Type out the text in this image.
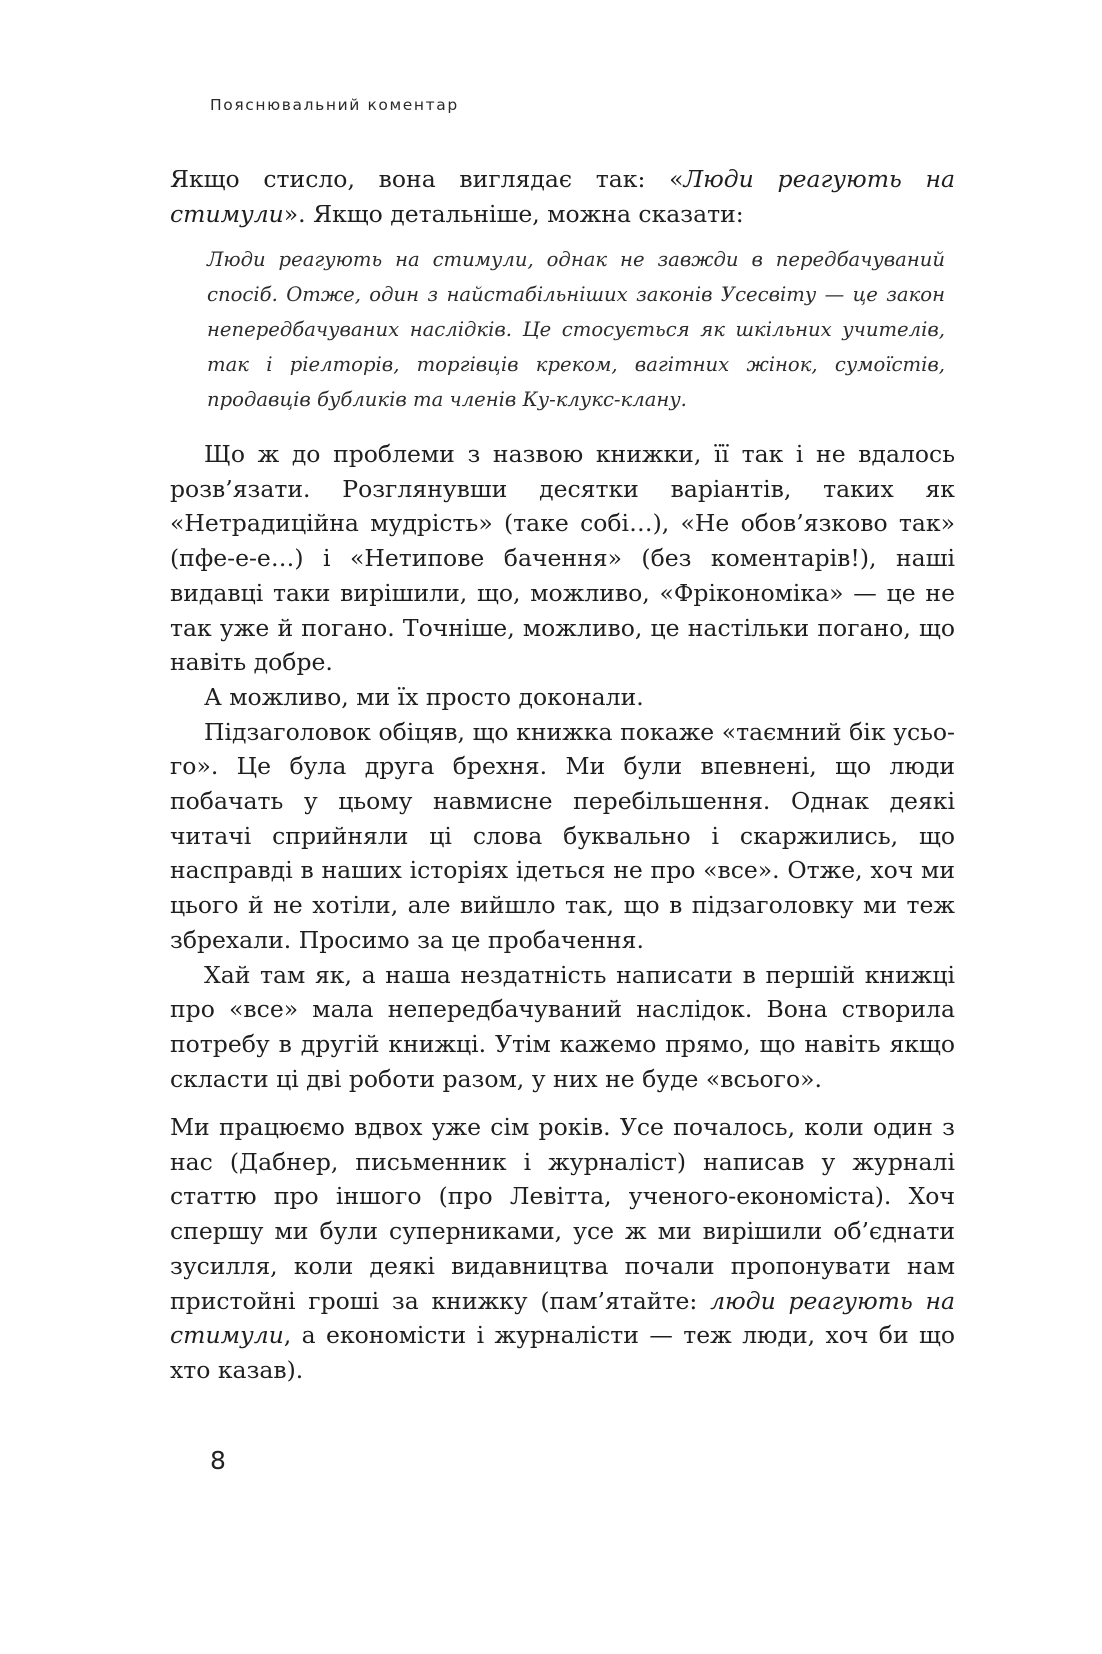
Пояснювальний коментар

Якщо стисло, вона виглядає так: «Люди реагують на стимули». Якщо детальніше, можна сказати:

Люди реагують на стимули, однак не завжди в передбачуваний спосіб. Отже, один з найстабільніших законів Усесвіту — це закон непередбачуваних наслідків. Це стосується як шкільних учителів, так і ріелторів, торгівців креком, вагітних жінок, сумоїстів, продавців бубликів та членів Ку-клукс-клану.

Що ж до проблеми з назвою книжки, її так і не вдалось розв’язати. Розглянувши десятки варіантів, таких як «Нетрадиційна мудрість» (таке собі…), «Не обов’язково так» (пфе-е-е…) і «Нетипове бачення» (без коментарів!), наші видавці таки вирішили, що, можливо, «Фрікономіка» — це не так уже й погано. Точніше, можливо, це настільки погано, що навіть добре.

А можливо, ми їх просто доконали.

Підзаголовок обіцяв, що книжка покаже «таємний бік усього». Це була друга брехня. Ми були впевнені, що люди побачать у цьому навмисне перебільшення. Однак деякі читачі сприйняли ці слова буквально і скаржились, що насправді в наших історіях ідеться не про «все». Отже, хоч ми цього й не хотіли, але вийшло так, що в підзаголовку ми теж збрехали. Просимо за це пробачення.

Хай там як, а наша нездатність написати в першій книжці про «все» мала непередбачуваний наслідок. Вона створила потребу в другій книжці. Утім кажемо прямо, що навіть якщо скласти ці дві роботи разом, у них не буде «всього».

Ми працюємо вдвох уже сім років. Усе почалось, коли один з нас (Дабнер, письменник і журналіст) написав у журналі статтю про іншого (про Левітта, ученого-економіста). Хоч спершу ми були суперниками, усе ж ми вирішили об’єднати зусилля, коли деякі видавництва почали пропонувати нам пристойні гроші за книжку (пам’ятайте: люди реагують на стимули, а економісти і журналісти — теж люди, хоч би що хто казав).

8
